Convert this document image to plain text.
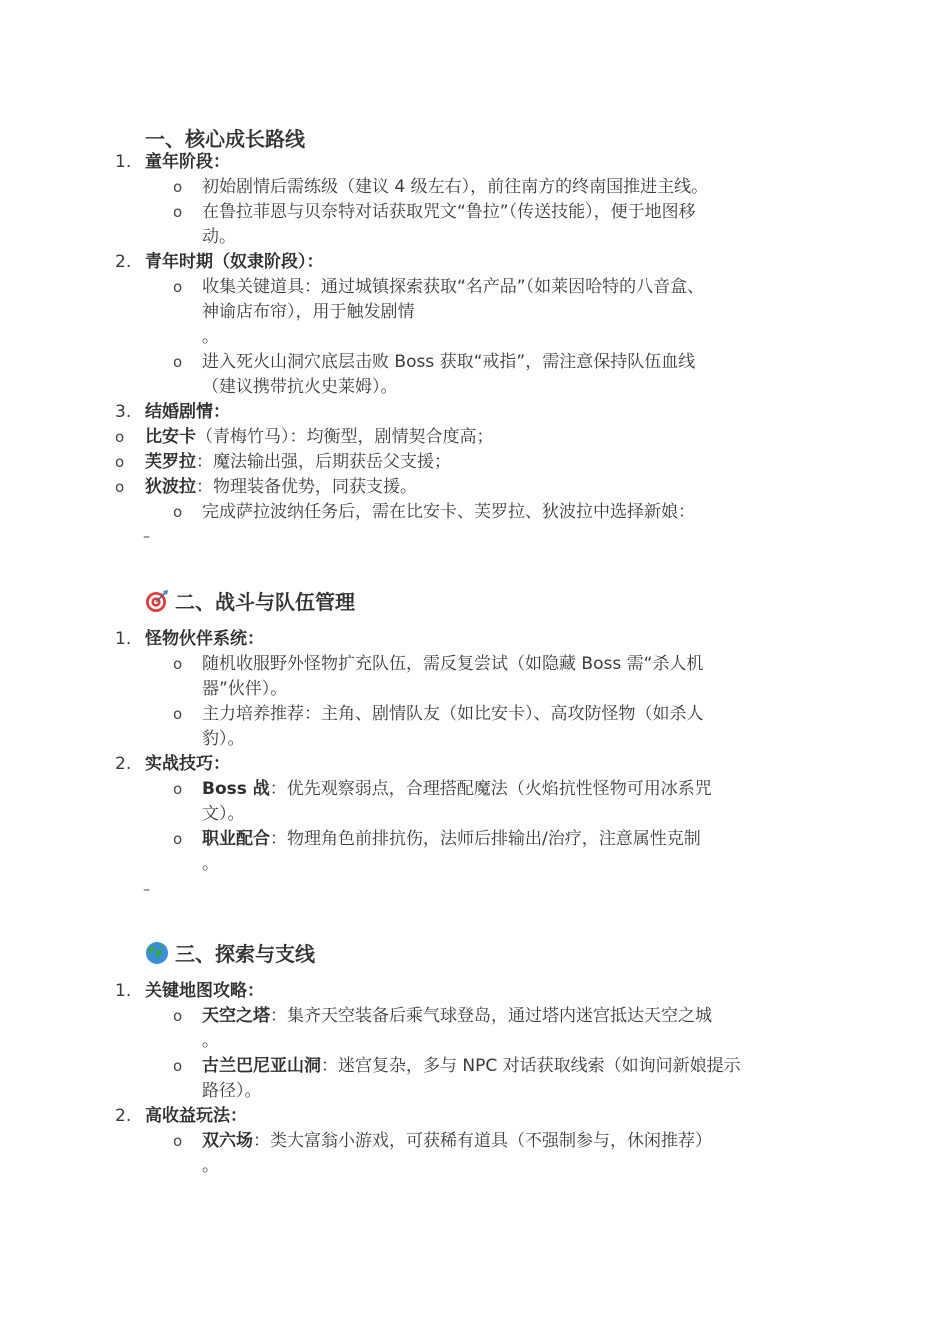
一、核心成长路线
1. 童年阶段：
o 初始剧情后需练级（建议 4 级左右），前往南方的终南国推进主线。
o 在鲁拉菲恩与贝奈特对话获取咒文“鲁拉”（传送技能），便于地图移
动。
2. 青年时期（奴隶阶段）：
o 收集关键道具：通过城镇探索获取“名产品”（如莱因哈特的八音盒、
神谕店布帘），用于触发剧情
。
o 进入死火山洞穴底层击败 Boss 获取“戒指”，需注意保持队伍血线
（建议携带抗火史莱姆）。
3. 结婚剧情：
o 比安卡（青梅竹马）：均衡型，剧情契合度高；
o 芙罗拉：魔法输出强，后期获岳父支援；
o 狄波拉：物理装备优势，同获支援。
o 完成萨拉波纳任务后，需在比安卡、芙罗拉、狄波拉中选择新娘：
–
二、战斗与队伍管理
1. 怪物伙伴系统：
o 随机收服野外怪物扩充队伍，需反复尝试（如隐藏 Boss 需“杀人机
器”伙伴）。
o 主力培养推荐：主角、剧情队友（如比安卡）、高攻防怪物（如杀人
豹）。
2. 实战技巧：
o Boss 战：优先观察弱点，合理搭配魔法（火焰抗性怪物可用冰系咒
文）。
o 职业配合：物理角色前排抗伤，法师后排输出/治疗，注意属性克制
。
–
三、探索与支线
1. 关键地图攻略：
o 天空之塔：集齐天空装备后乘气球登岛，通过塔内迷宫抵达天空之城
。
o 古兰巴尼亚山洞：迷宫复杂，多与 NPC 对话获取线索（如询问新娘提示
路径）。
2. 高收益玩法：
o 双六场：类大富翁小游戏，可获稀有道具（不强制参与，休闲推荐）
。
